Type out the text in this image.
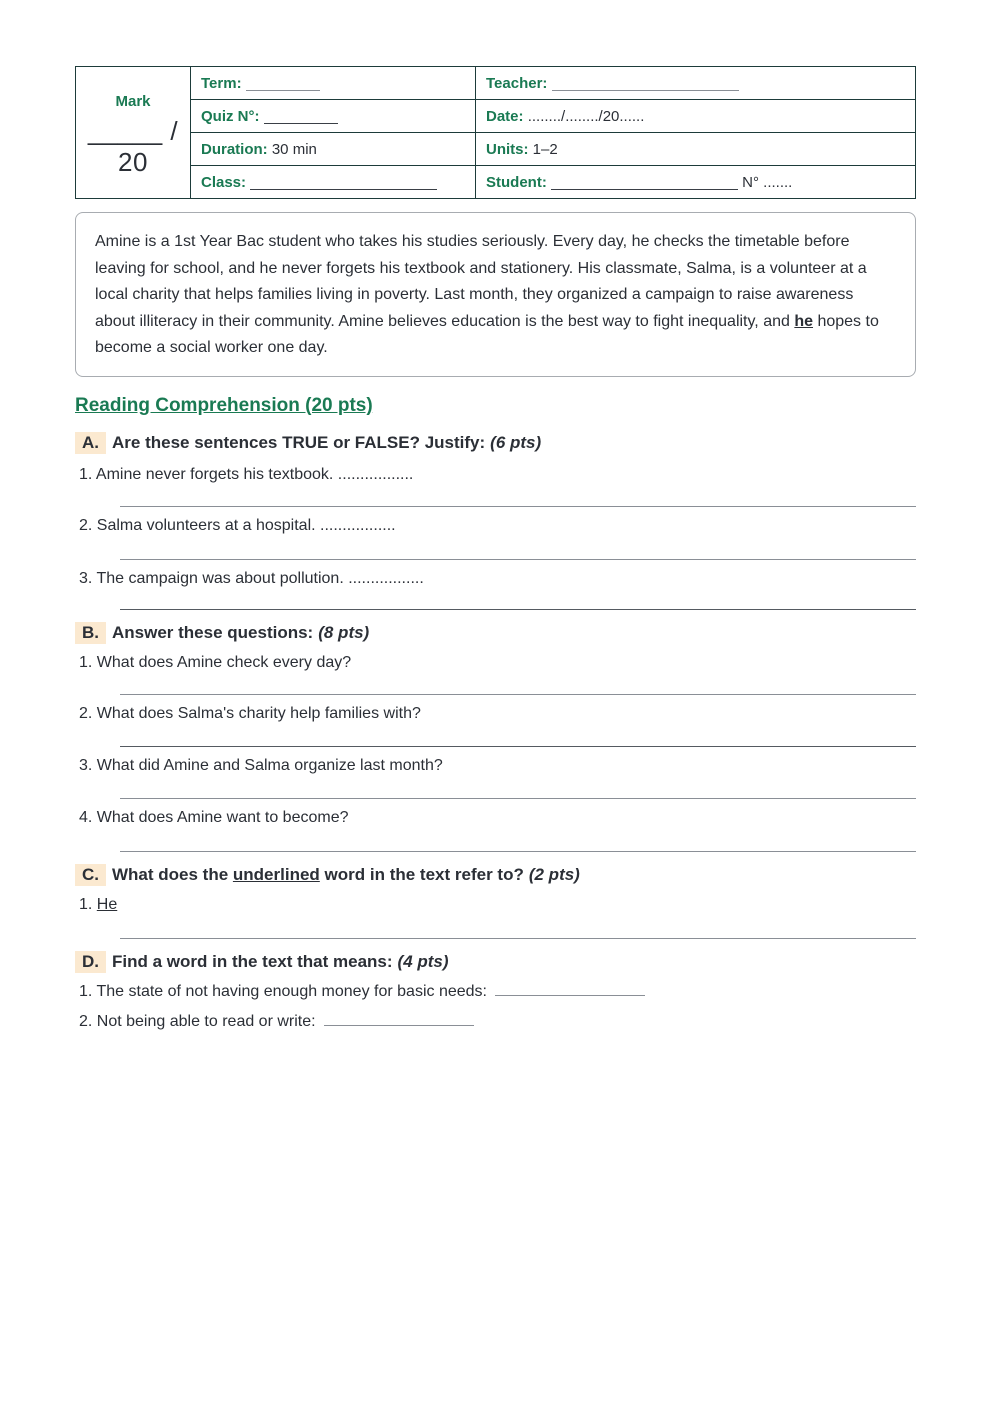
Mark
_____ / 20	Term:	Teacher:
	Quiz N°:	Date: ......../......../20......
	Duration: 30 min	Units: 1–2
	Class:	Student: N° .......
Amine is a 1st Year Bac student who takes his studies seriously. Every day, he checks the timetable before leaving for school, and he never forgets his textbook and stationery. His classmate, Salma, is a volunteer at a local charity that helps families living in poverty. Last month, they organized a campaign to raise awareness about illiteracy in their community. Amine believes education is the best way to fight inequality, and he hopes to become a social worker one day.
Reading Comprehension (20 pts)
A. Are these sentences TRUE or FALSE? Justify: (6 pts)
1. Amine never forgets his textbook. .................
2. Salma volunteers at a hospital. .................
3. The campaign was about pollution. .................
B. Answer these questions: (8 pts)
1. What does Amine check every day?
2. What does Salma's charity help families with?
3. What did Amine and Salma organize last month?
4. What does Amine want to become?
C. What does the
underlined
word in the text refer to? (2 pts)
1. He
D. Find a word in the text that means: (4 pts)
1. The state of not having enough money for basic needs:
2. Not being able to read or write:
